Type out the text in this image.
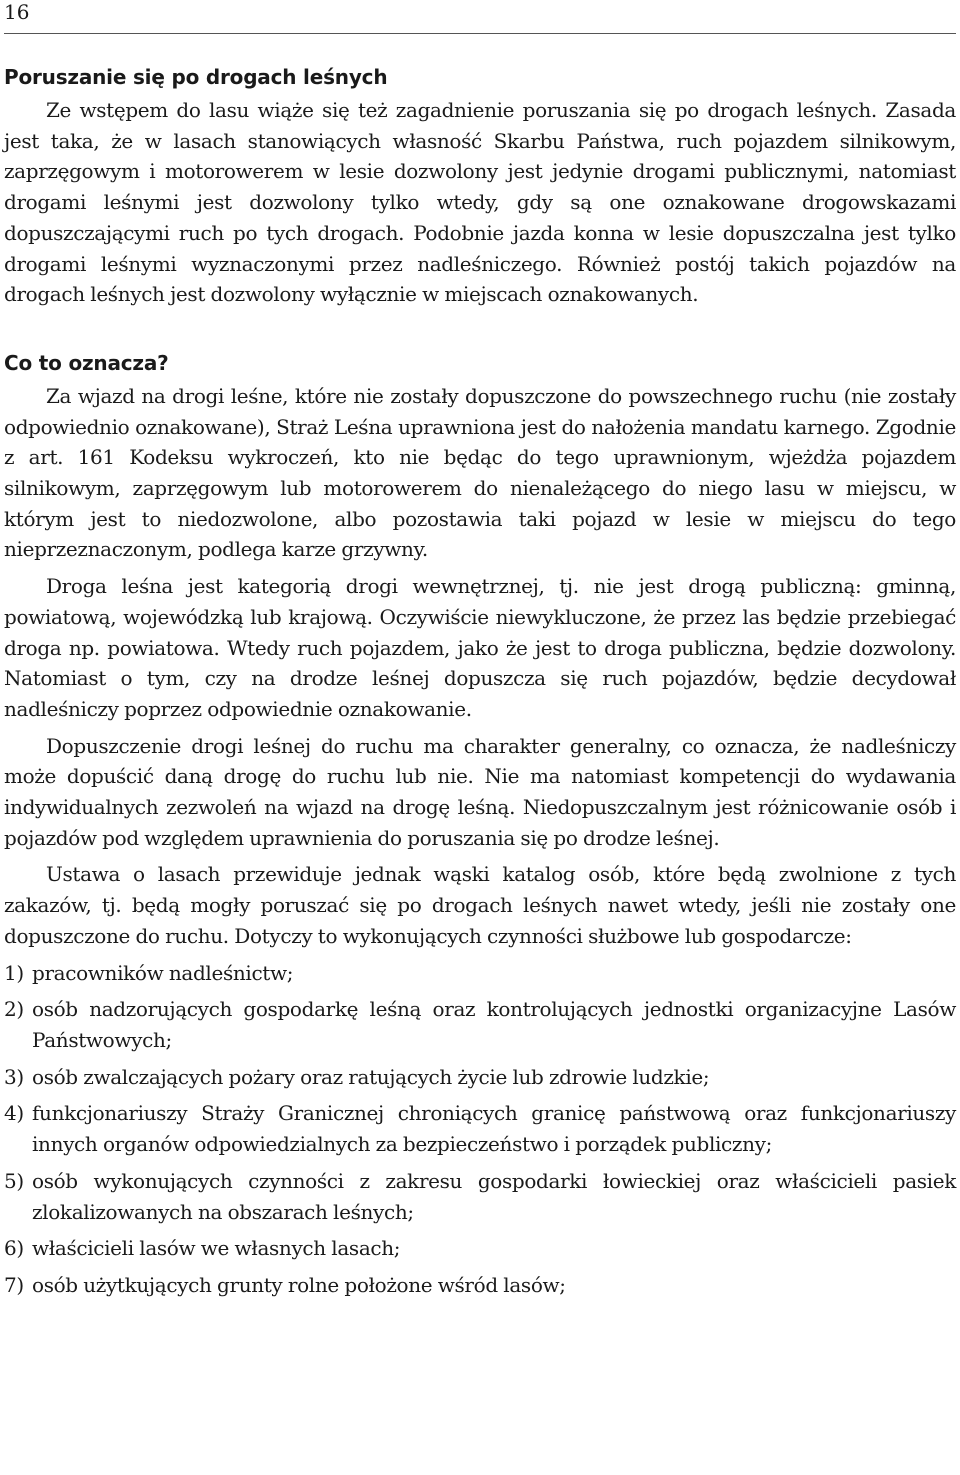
16
Poruszanie się po drogach leśnych

Ze wstępem do lasu wiąże się też zagadnienie poruszania się po drogach leśnych. Zasada jest taka, że w lasach stanowiących własność Skarbu Państwa, ruch pojazdem silnikowym, zaprzęgowym i motorowerem w lesie dozwolony jest jedynie drogami publicznymi, natomiast drogami leśnymi jest dozwolony tylko wtedy, gdy są one oznakowane drogowskazami dopuszczającymi ruch po tych drogach. Podobnie jazda konna w lesie dopuszczalna jest tylko drogami leśnymi wyznaczonymi przez nadleśniczego. Również postój takich pojazdów na drogach leśnych jest dozwolony wyłącznie w miejscach oznakowanych.

Co to oznacza?

Za wjazd na drogi leśne, które nie zostały dopuszczone do powszechnego ruchu (nie zostały odpowiednio oznakowane), Straż Leśna uprawniona jest do nałożenia mandatu karnego. Zgodnie z art. 161 Kodeksu wykroczeń, kto nie będąc do tego uprawnionym, wjeżdża pojazdem silnikowym, zaprzęgowym lub motorowerem do nienależącego do niego lasu w miejscu, w którym jest to niedozwolone, albo pozostawia taki pojazd w lesie w miejscu do tego nieprzeznaczonym, podlega karze grzywny.

Droga leśna jest kategorią drogi wewnętrznej, tj. nie jest drogą publiczną: gminną, powiatową, wojewódzką lub krajową. Oczywiście niewykluczone, że przez las będzie przebiegać droga np. powiatowa. Wtedy ruch pojazdem, jako że jest to droga publiczna, będzie dozwolony. Natomiast o tym, czy na drodze leśnej dopuszcza się ruch pojazdów, będzie decydował nadleśniczy poprzez odpowiednie oznakowanie.

Dopuszczenie drogi leśnej do ruchu ma charakter generalny, co oznacza, że nadleśniczy może dopuścić daną drogę do ruchu lub nie. Nie ma natomiast kompetencji do wydawania indywidualnych zezwoleń na wjazd na drogę leśną. Niedopuszczalnym jest różnicowanie osób i pojazdów pod względem uprawnienia do poruszania się po drodze leśnej.

Ustawa o lasach przewiduje jednak wąski katalog osób, które będą zwolnione z tych zakazów, tj. będą mogły poruszać się po drogach leśnych nawet wtedy, jeśli nie zostały one dopuszczone do ruchu. Dotyczy to wykonujących czynności służbowe lub gospodarcze:

1) pracowników nadleśnictw;
2) osób nadzorujących gospodarkę leśną oraz kontrolujących jednostki organizacyjne Lasów Państwowych;
3) osób zwalczających pożary oraz ratujących życie lub zdrowie ludzkie;
4) funkcjonariuszy Straży Granicznej chroniących granicę państwową oraz funkcjonariuszy innych organów odpowiedzialnych za bezpieczeństwo i porządek publiczny;
5) osób wykonujących czynności z zakresu gospodarki łowieckiej oraz właścicieli pasiek zlokalizowanych na obszarach leśnych;
6) właścicieli lasów we własnych lasach;
7) osób użytkujących grunty rolne położone wśród lasów;
